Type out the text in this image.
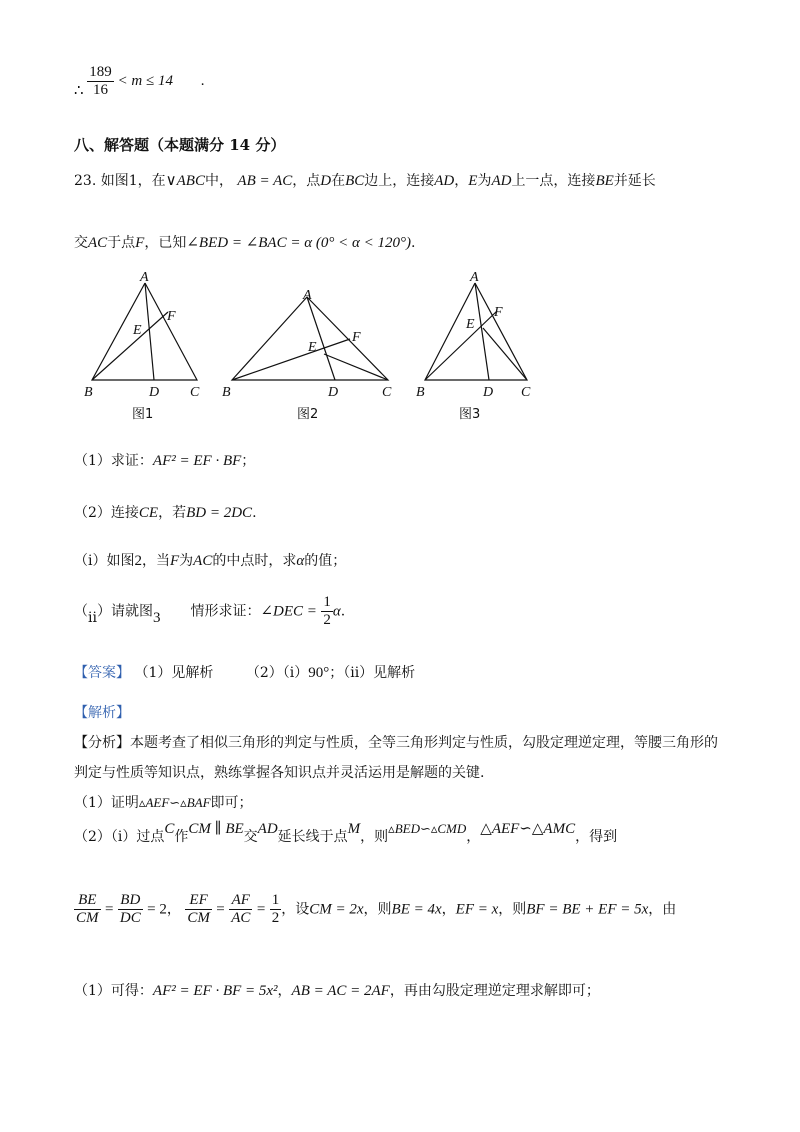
∴ $\frac{189}{16} < m \le 14$ .
八、解答题（本题满分 14 分）
23. 如图1，在∨ABC中， AB = AC，点D在BC边上，连接AD，E为AD上一点，连接BE并延长
交AC于点F，已知∠BED = ∠BAC = α (0° < α < 120°).
A
B	C
D
E
F
A
B	C
D
E
F
A
B	C
D
E
F
图1	图2	图3
（1）求证：AF² = EF · BF；
（2）连接CE，若BD = 2DC.
（i）如图2，当F为AC的中点时，求α的值；
（ii）请就图3 情形求证：∠DEC = $\frac{1}{2} \alpha$.
【答案】 （1）见解析 （2）（i）90°；（ii）见解析
【解析】
【分析】本题考查了相似三角形的判定与性质，全等三角形判定与性质，勾股定理逆定理，等腰三角形的
判定与性质等知识点，熟练掌握各知识点并灵活运用是解题的关键.
（1）证明▵AEF∽▵BAF即可；
（2）（i）过点C作CM ∥ BE交AD延长线于点M，则▵BED∽▵CMD，△AEF∽△AMC，得到
$\frac{BE}{CM} = \frac{BD}{DC} = 2$， $\frac{EF}{CM} = \frac{AF}{AC} = \frac{1}{2}$ ，设CM = 2x，则BE = 4x，EF = x，则BF = BE + EF = 5x，由
（1）可得：AF² = EF · BF = 5x²，AB = AC = 2AF，再由勾股定理逆定理求解即可；
